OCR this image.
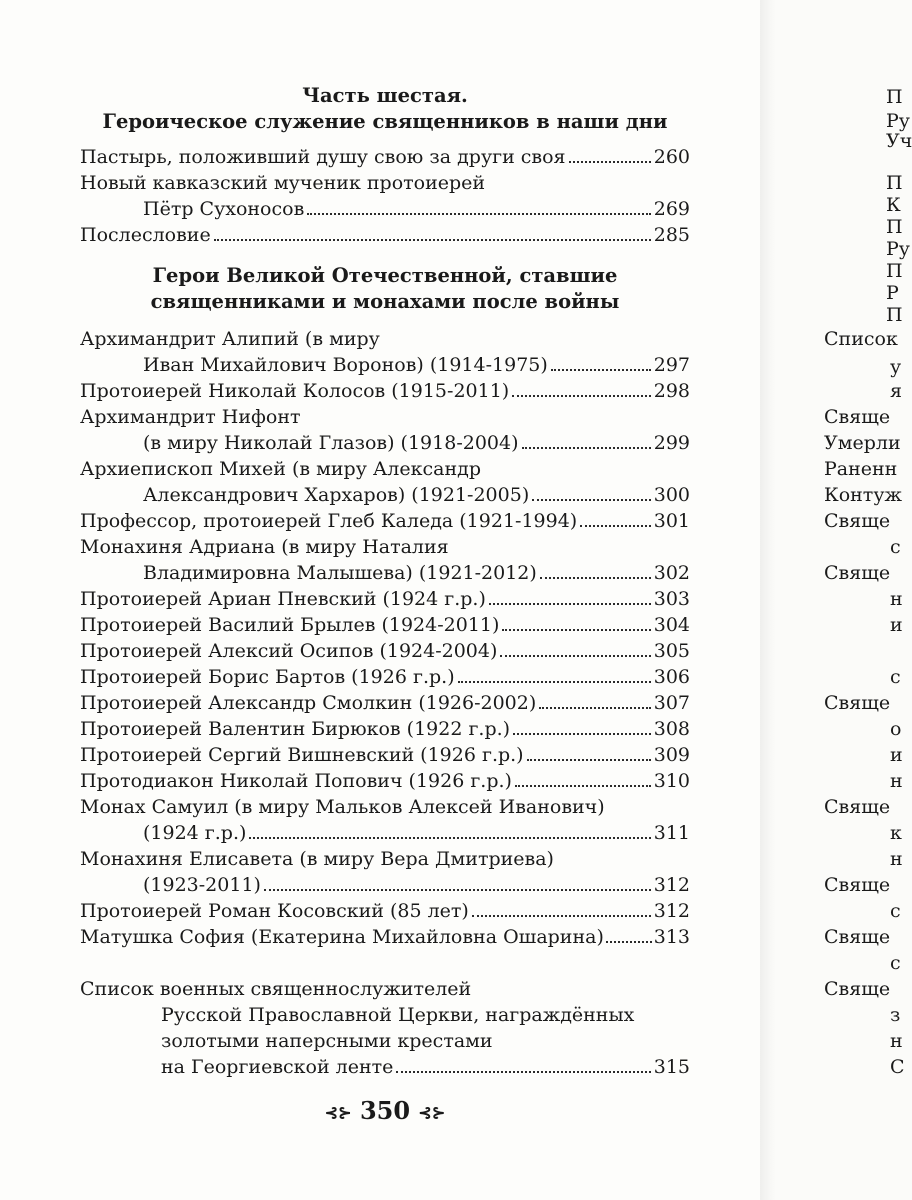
Часть шестая.
Героическое служение священников в наши дни
Пастырь, положивший душу свою за други своя	260
Новый кавказский мученик протоиерей
Пётр Сухоносов	269
Послесловие	285
Герои Великой Отечественной, ставшие
священниками и монахами после войны
Архимандрит Алипий (в миру
Иван Михайлович Воронов) (1914-1975)	297
Протоиерей Николай Колосов (1915-2011)	298
Архимандрит Нифонт
(в миру Николай Глазов) (1918-2004)	299
Архиепископ Михей (в миру Александр
Александрович Хархаров) (1921-2005)	300
Профессор, протоиерей Глеб Каледа (1921-1994)	301
Монахиня Адриана (в миру Наталия
Владимировна Малышева) (1921-2012)	302
Протоиерей Ариан Пневский (1924 г.р.)	303
Протоиерей Василий Брылев (1924-2011)	304
Протоиерей Алексий Осипов (1924-2004)	305
Протоиерей Борис Бартов (1926 г.р.)	306
Протоиерей Александр Смолкин (1926-2002)	307
Протоиерей Валентин Бирюков (1922 г.р.)	308
Протоиерей Сергий Вишневский (1926 г.р.)	309
Протодиакон Николай Попович (1926 г.р.)	310
Монах Самуил (в миру Мальков Алексей Иванович)
(1924 г.р.)	311
Монахиня Елисавета (в миру Вера Дмитриева)
(1923-2011)	312
Протоиерей Роман Косовский (85 лет)	312
Матушка София (Екатерина Михайловна Ошарина)	313
Список военных священнослужителей
Русской Православной Церкви, награждённых
золотыми наперсными крестами
на Георгиевской ленте	315
⊰⊱ 350 ⊰⊱
П
Ру
Уч
П
К
П
Ру
П
Р
П
Список
у
я
Свяще
Умерли
Раненн
Контуж
Свяще
с
Свяще
н
и
с
Свяще
о
и
н
Свяще
к
н
Свяще
с
Свяще
с
Свяще
з
н
С
